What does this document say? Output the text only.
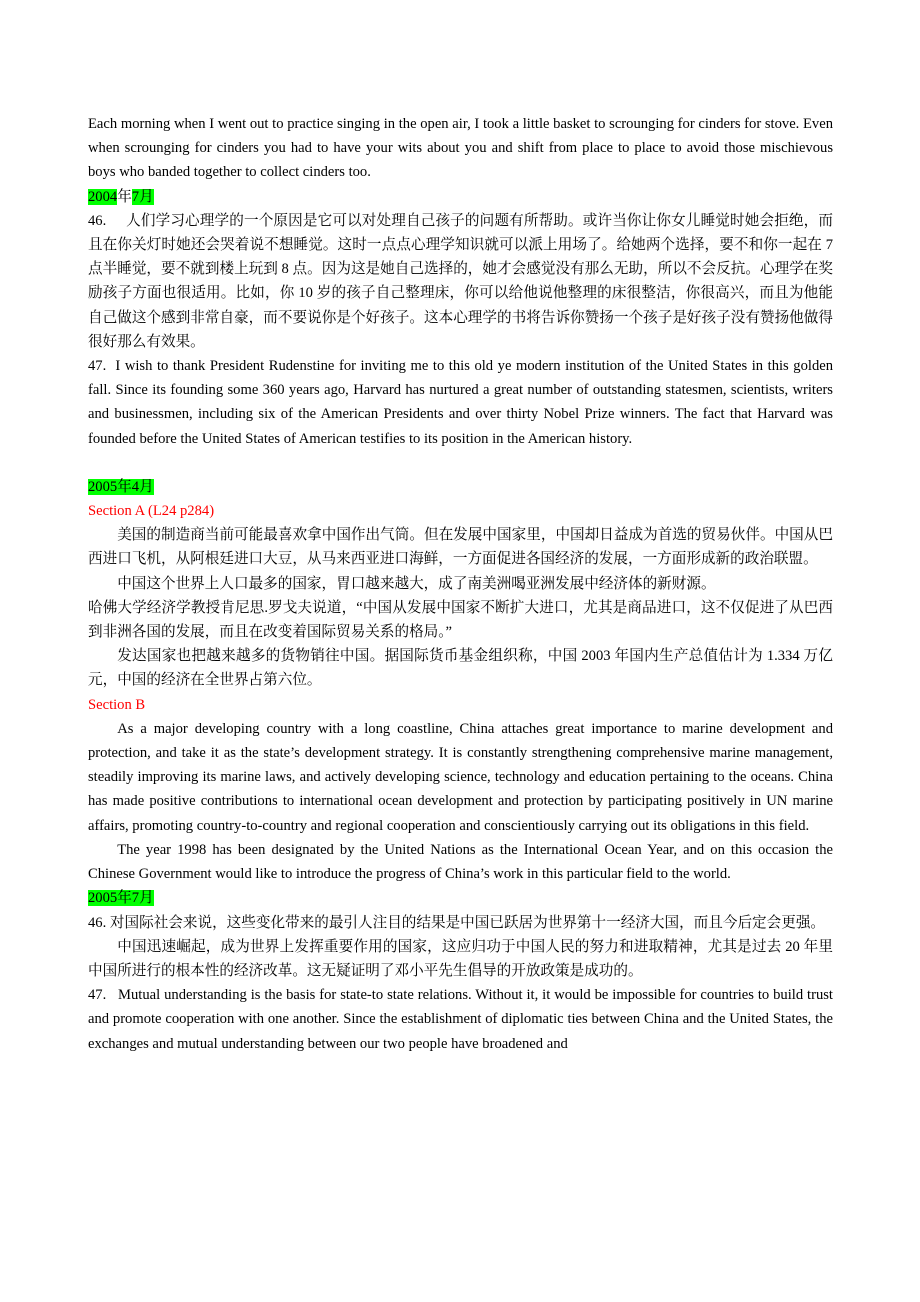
Each morning when I went out to practice singing in the open air, I took a little basket to scrounging for cinders for stove. Even when scrounging for cinders you had to have your wits about you and shift from place to place to avoid those mischievous boys who banded together to collect cinders too.

2004年7月

46. 人们学习心理学的一个原因是它可以对处理自己孩子的问题有所帮助。或许当你让你女儿睡觉时她会拒绝，而且在你关灯时她还会哭着说不想睡觉。这时一点点心理学知识就可以派上用场了。给她两个选择，要不和你一起在 7 点半睡觉，要不就到楼上玩到 8 点。因为这是她自己选择的，她才会感觉没有那么无助，所以不会反抗。心理学在奖励孩子方面也很适用。比如，你 10 岁的孩子自己整理床，你可以给他说他整理的床很整洁，你很高兴，而且为他能自己做这个感到非常自豪，而不要说你是个好孩子。这本心理学的书将告诉你赞扬一个孩子是好孩子没有赞扬他做得很好那么有效果。

47. I wish to thank President Rudenstine for inviting me to this old ye modern institution of the United States in this golden fall. Since its founding some 360 years ago, Harvard has nurtured a great number of outstanding statesmen, scientists, writers and businessmen, including six of the American Presidents and over thirty Nobel Prize winners. The fact that Harvard was founded before the United States of American testifies to its position in the American history.

2005年4月
Section A (L24 p284)

美国的制造商当前可能最喜欢拿中国作出气筒。但在发展中国家里，中国却日益成为首选的贸易伙伴。中国从巴西进口飞机，从阿根廷进口大豆，从马来西亚进口海鲜，一方面促进各国经济的发展，一方面形成新的政治联盟。

中国这个世界上人口最多的国家，胃口越来越大，成了南美洲喝亚洲发展中经济体的新财源。

哈佛大学经济学教授肯尼思.罗戈夫说道，“中国从发展中国家不断扩大进口，尤其是商品进口，这不仅促进了从巴西到非洲各国的发展，而且在改变着国际贸易关系的格局。”

发达国家也把越来越多的货物销往中国。据国际货币基金组织称，中国 2003 年国内生产总值估计为 1.334 万亿元，中国的经济在全世界占第六位。

Section B

As a major developing country with a long coastline, China attaches great importance to marine development and protection, and take it as the state’s development strategy. It is constantly strengthening comprehensive marine management, steadily improving its marine laws, and actively developing science, technology and education pertaining to the oceans. China has made positive contributions to international ocean development and protection by participating positively in UN marine affairs, promoting country-to-country and regional cooperation and conscientiously carrying out its obligations in this field.

The year 1998 has been designated by the United Nations as the International Ocean Year, and on this occasion the Chinese Government would like to introduce the progress of China’s work in this particular field to the world.

2005年7月

46. 对国际社会来说，这些变化带来的最引人注目的结果是中国已跃居为世界第十一经济大国，而且今后定会更强。

中国迅速崛起，成为世界上发挥重要作用的国家，这应归功于中国人民的努力和进取精神，尤其是过去 20 年里中国所进行的根本性的经济改革。这无疑证明了邓小平先生倡导的开放政策是成功的。

47. Mutual understanding is the basis for state-to state relations. Without it, it would be impossible for countries to build trust and promote cooperation with one another. Since the establishment of diplomatic ties between China and the United States, the exchanges and mutual understanding between our two people have broadened and
